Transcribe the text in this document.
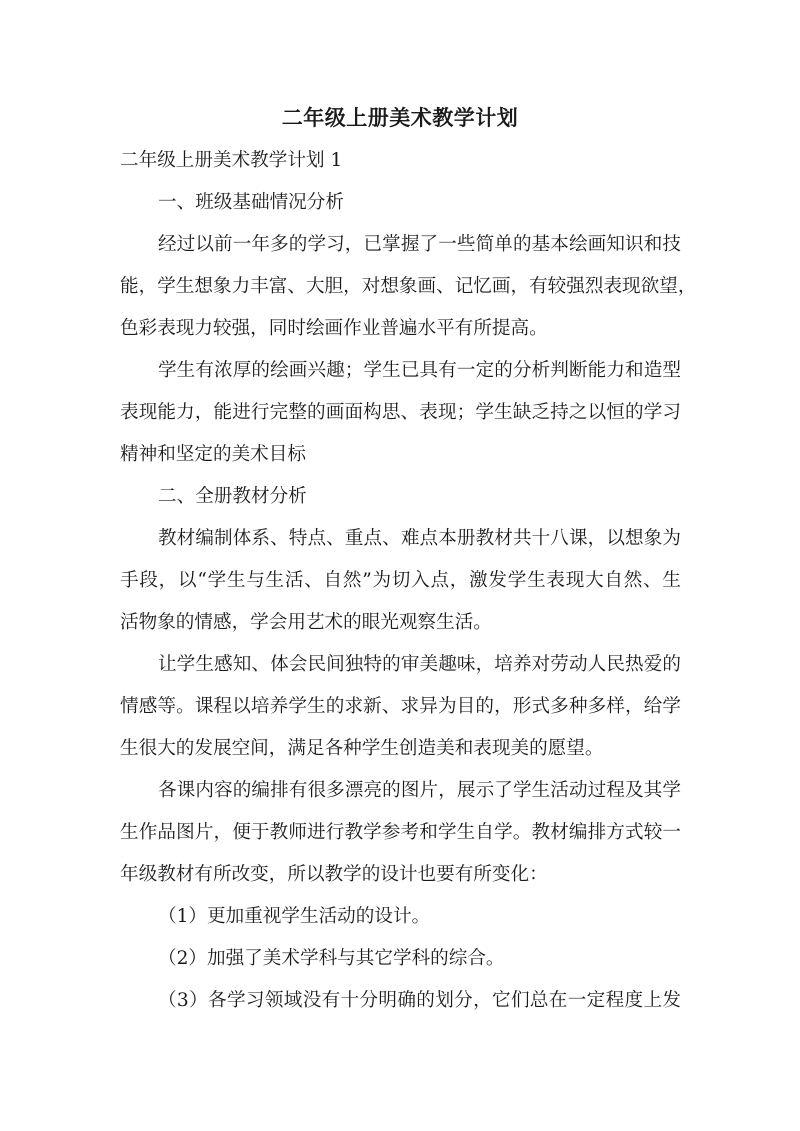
二年级上册美术教学计划
二年级上册美术教学计划 1
一、班级基础情况分析
经过以前一年多的学习，已掌握了一些简单的基本绘画知识和技
能，学生想象力丰富、大胆，对想象画、记忆画，有较强烈表现欲望，
色彩表现力较强，同时绘画作业普遍水平有所提高。
学生有浓厚的绘画兴趣；学生已具有一定的分析判断能力和造型
表现能力，能进行完整的画面构思、表现；学生缺乏持之以恒的学习
精神和坚定的美术目标
二、全册教材分析
教材编制体系、特点、重点、难点本册教材共十八课，以想象为
手段，以“学生与生活、自然”为切入点，激发学生表现大自然、生
活物象的情感，学会用艺术的眼光观察生活。
让学生感知、体会民间独特的审美趣味，培养对劳动人民热爱的
情感等。课程以培养学生的求新、求异为目的，形式多种多样，给学
生很大的发展空间，满足各种学生创造美和表现美的愿望。
各课内容的编排有很多漂亮的图片，展示了学生活动过程及其学
生作品图片，便于教师进行教学参考和学生自学。教材编排方式较一
年级教材有所改变，所以教学的设计也要有所变化：
（1）更加重视学生活动的设计。
（2）加强了美术学科与其它学科的综合。
（3）各学习领域没有十分明确的划分，它们总在一定程度上发
